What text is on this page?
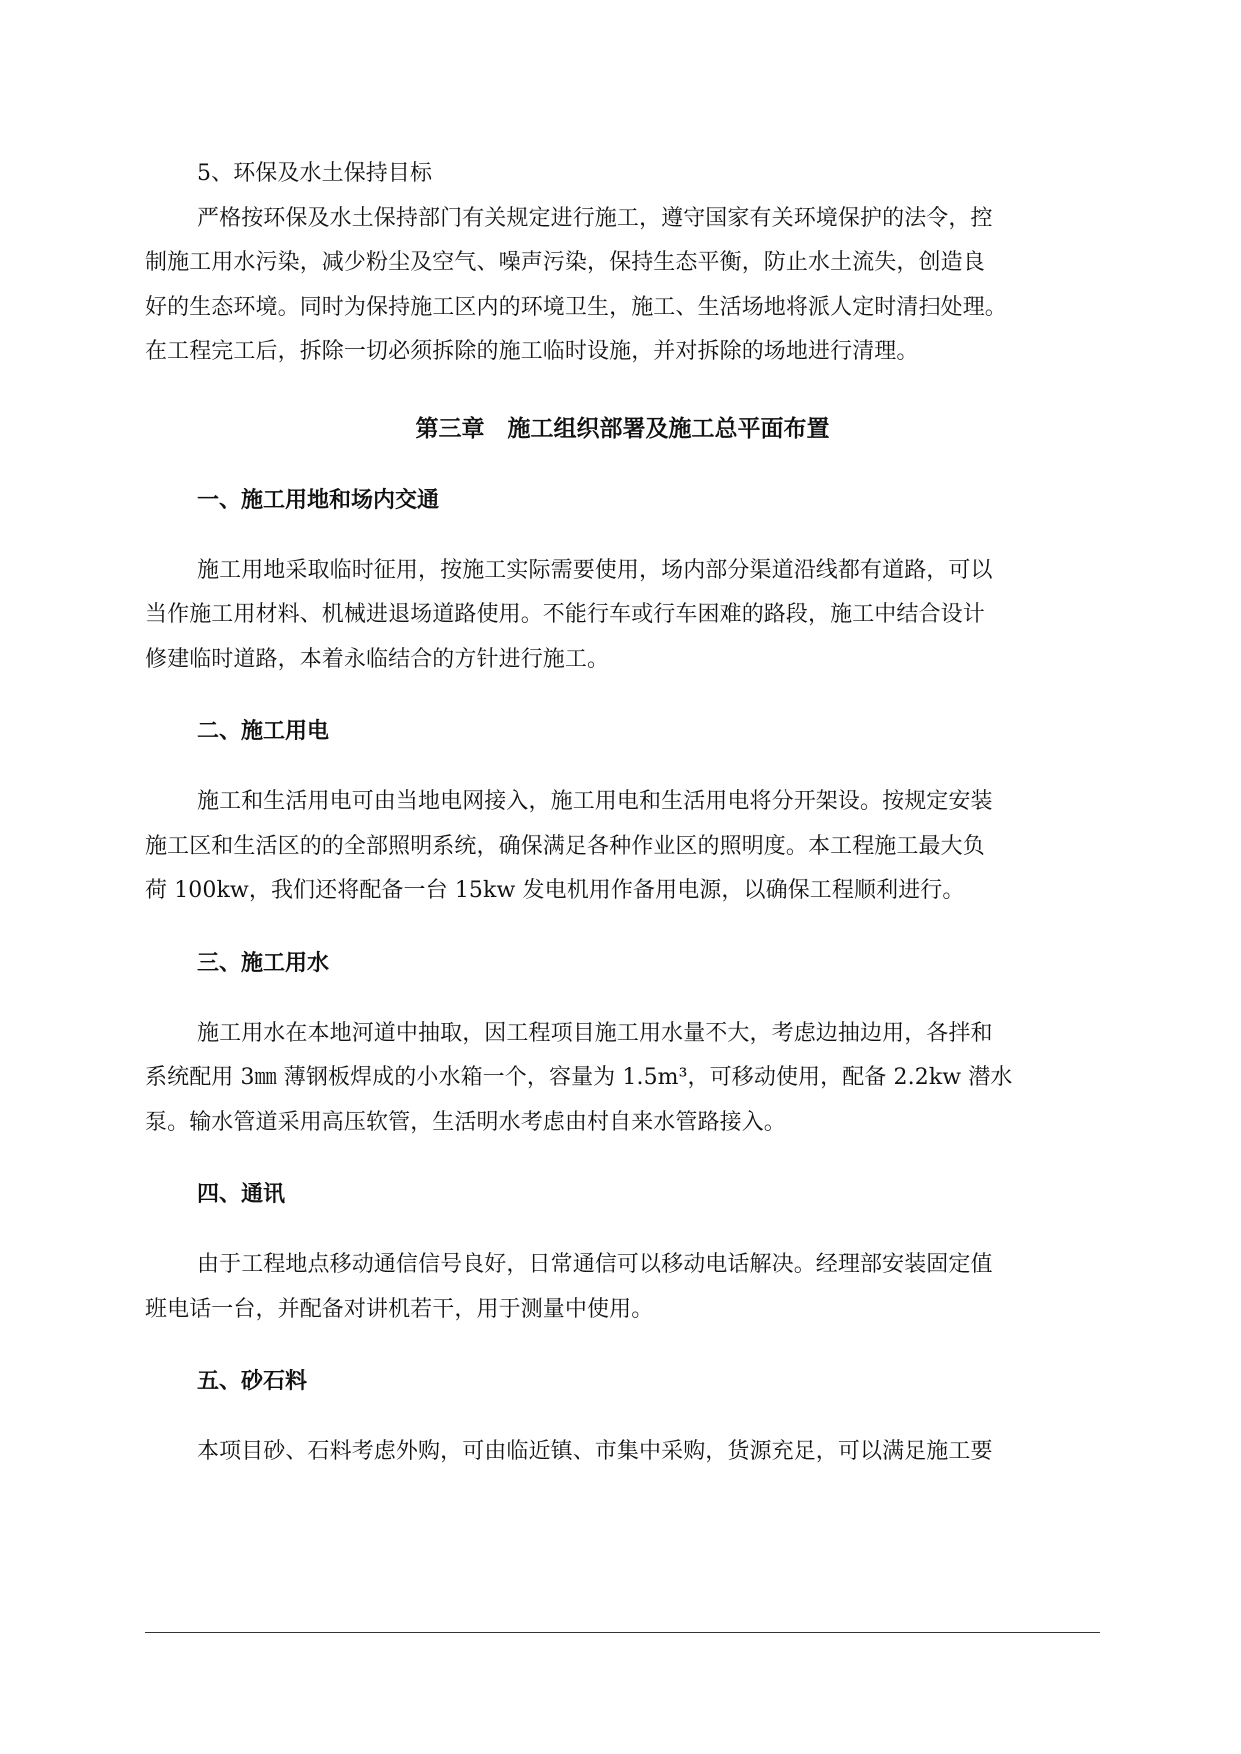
5、环保及水土保持目标
严格按环保及水土保持部门有关规定进行施工，遵守国家有关环境保护的法令，控
制施工用水污染，减少粉尘及空气、噪声污染，保持生态平衡，防止水土流失，创造良
好的生态环境。同时为保持施工区内的环境卫生，施工、生活场地将派人定时清扫处理。
在工程完工后，拆除一切必须拆除的施工临时设施，并对拆除的场地进行清理。
第三章　施工组织部署及施工总平面布置
一、施工用地和场内交通
施工用地采取临时征用，按施工实际需要使用，场内部分渠道沿线都有道路，可以
当作施工用材料、机械进退场道路使用。不能行车或行车困难的路段，施工中结合设计
修建临时道路，本着永临结合的方针进行施工。
二、施工用电
施工和生活用电可由当地电网接入，施工用电和生活用电将分开架设。按规定安装
施工区和生活区的的全部照明系统，确保满足各种作业区的照明度。本工程施工最大负
荷 100kw，我们还将配备一台 15kw 发电机用作备用电源，以确保工程顺利进行。
三、施工用水
施工用水在本地河道中抽取，因工程项目施工用水量不大，考虑边抽边用，各拌和
系统配用 3㎜ 薄钢板焊成的小水箱一个，容量为 1.5m³，可移动使用，配备 2.2kw 潜水
泵。输水管道采用高压软管，生活明水考虑由村自来水管路接入。
四、通讯
由于工程地点移动通信信号良好，日常通信可以移动电话解决。经理部安装固定值
班电话一台，并配备对讲机若干，用于测量中使用。
五、砂石料
本项目砂、石料考虑外购，可由临近镇、市集中采购，货源充足，可以满足施工要
